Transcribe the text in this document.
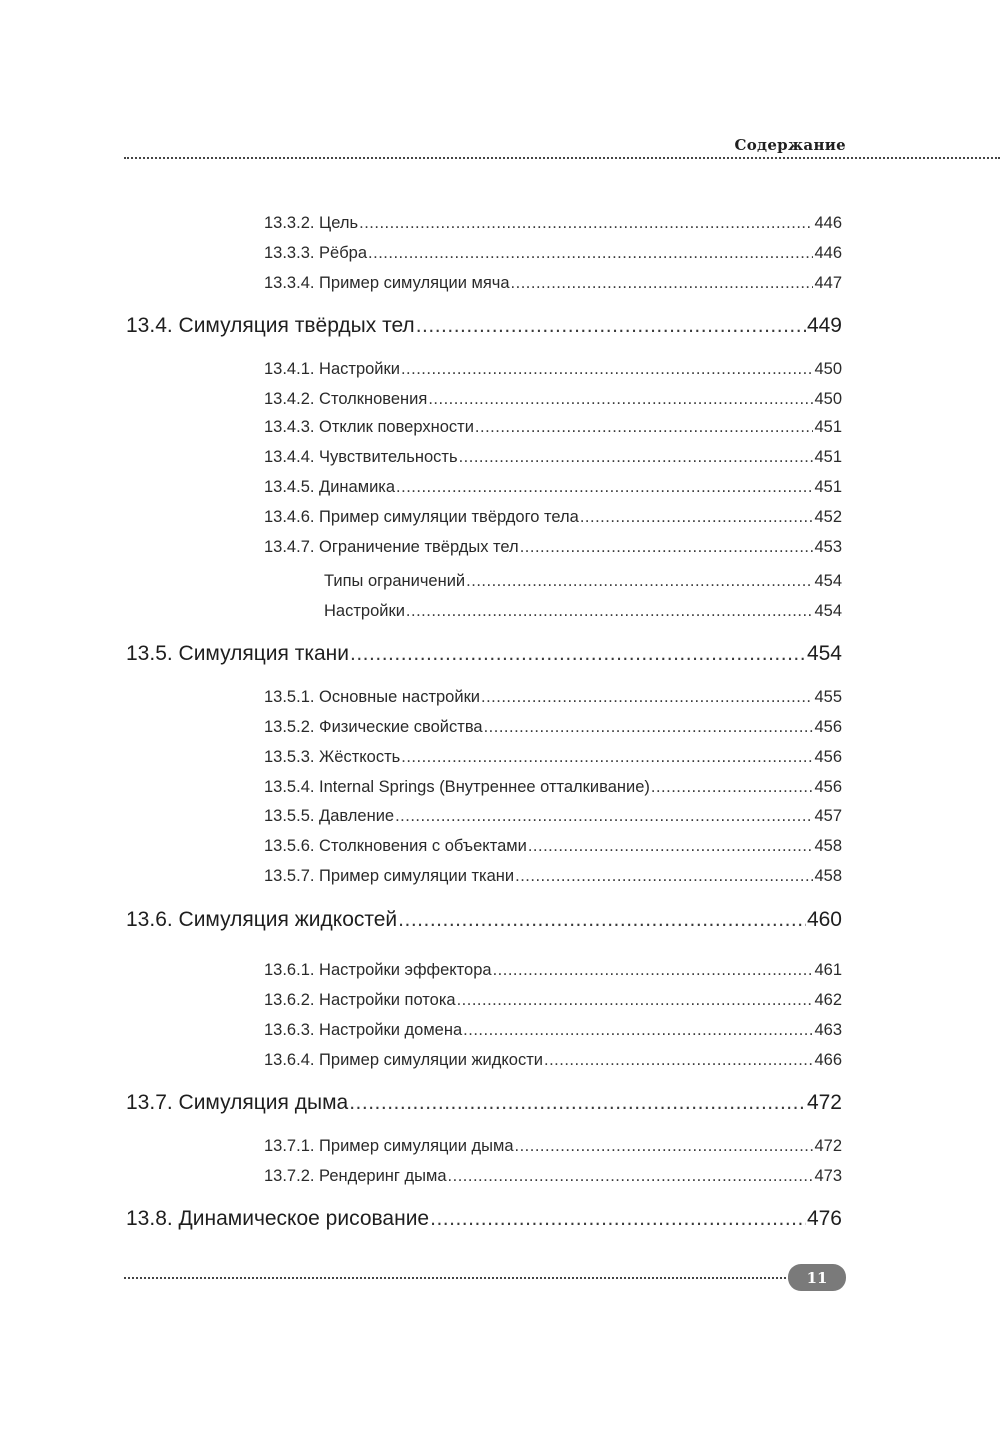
Содержание
13.3.2. Цель .....	446
13.3.3. Рёбра .....	446
13.3.4. Пример симуляции мяча .....	447
13.4. Симуляция твёрдых тел .....	449
13.4.1. Настройки .....	450
13.4.2. Столкновения .....	450
13.4.3. Отклик поверхности .....	451
13.4.4. Чувствительность .....	451
13.4.5. Динамика .....	451
13.4.6. Пример симуляции твёрдого тела .....	452
13.4.7. Ограничение твёрдых тел .....	453
Типы ограничений .....	454
Настройки .....	454
13.5. Симуляция ткани .....	454
13.5.1. Основные настройки .....	455
13.5.2. Физические свойства .....	456
13.5.3. Жёсткость .....	456
13.5.4. Internal Springs (Внутреннее отталкивание) .....	456
13.5.5. Давление .....	457
13.5.6. Столкновения с объектами .....	458
13.5.7. Пример симуляции ткани .....	458
13.6. Симуляция жидкостей .....	460
13.6.1. Настройки эффектора .....	461
13.6.2. Настройки потока .....	462
13.6.3. Настройки домена .....	463
13.6.4. Пример симуляции жидкости .....	466
13.7. Симуляция дыма .....	472
13.7.1. Пример симуляции дыма .....	472
13.7.2. Рендеринг дыма .....	473
13.8. Динамическое рисование .....	476
11
